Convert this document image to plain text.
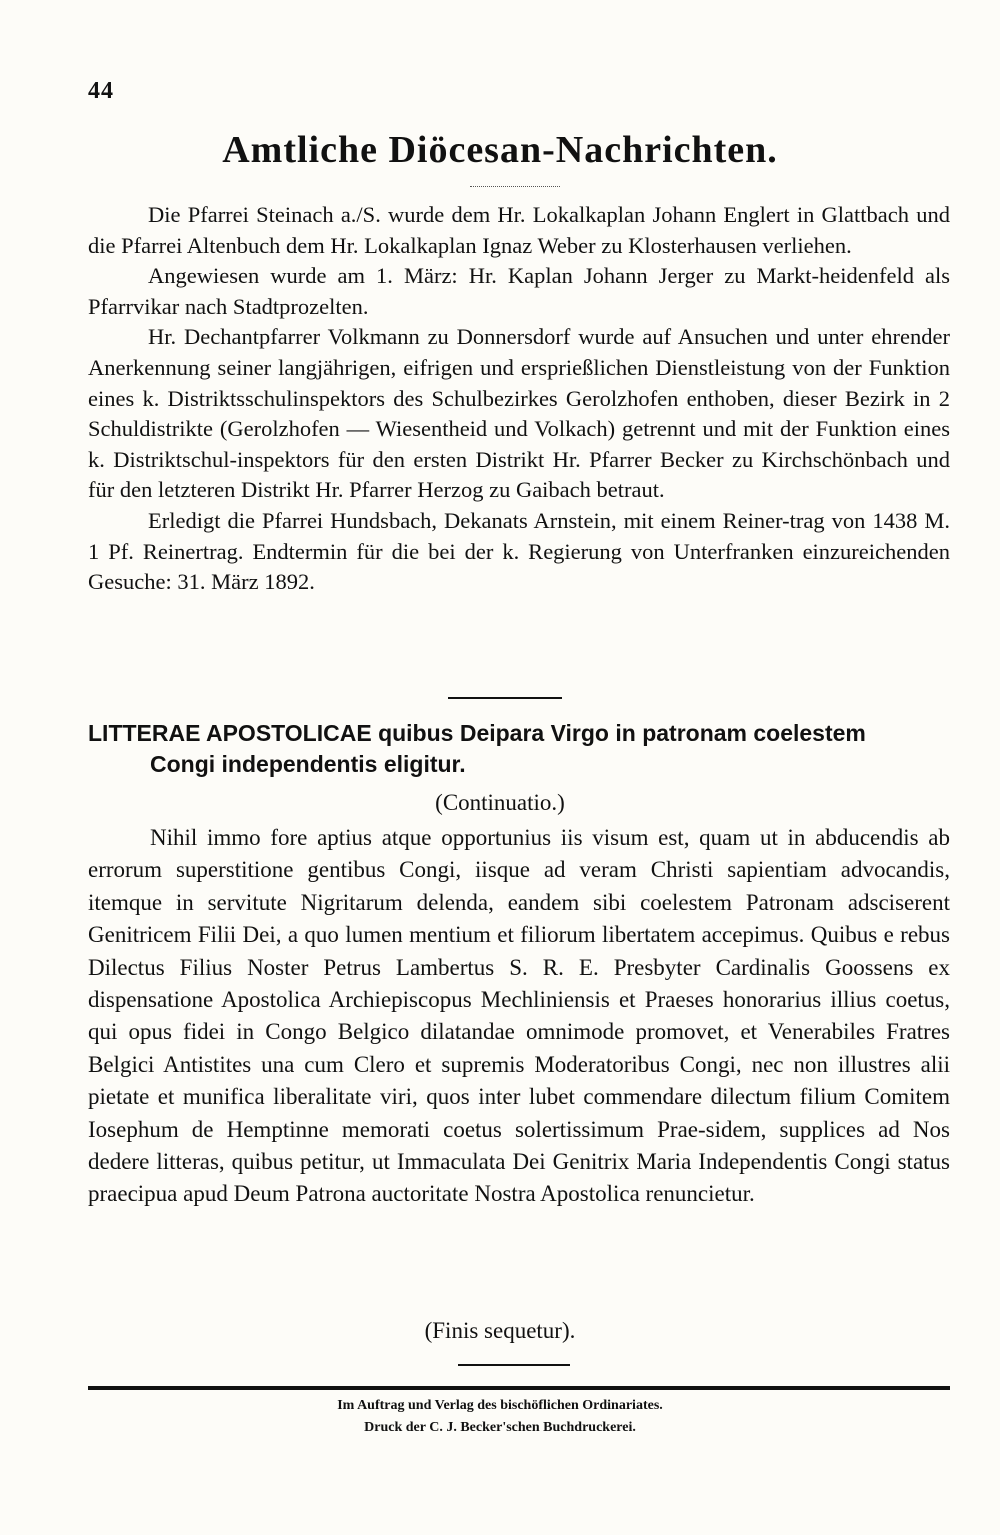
44
Amtliche Diöcesan-Nachrichten.

Die Pfarrei Steinach a./S. wurde dem Hr. Lokalkaplan Johann Englert in Glattbach und die Pfarrei Altenbuch dem Hr. Lokalkaplan Ignaz Weber zu Klosterhausen verliehen.

Angewiesen wurde am 1. März: Hr. Kaplan Johann Jerger zu Markt-heidenfeld als Pfarrvikar nach Stadtprozelten.

Hr. Dechantpfarrer Volkmann zu Donnersdorf wurde auf Ansuchen und unter ehrender Anerkennung seiner langjährigen, eifrigen und ersprießlichen Dienstleistung von der Funktion eines k. Distriktsschulinspektors des Schulbezirkes Gerolzhofen enthoben, dieser Bezirk in 2 Schuldistrikte (Gerolzhofen — Wiesentheid und Volkach) getrennt und mit der Funktion eines k. Distriktschul-inspektors für den ersten Distrikt Hr. Pfarrer Becker zu Kirchschönbach und für den letzteren Distrikt Hr. Pfarrer Herzog zu Gaibach betraut.

Erledigt die Pfarrei Hundsbach, Dekanats Arnstein, mit einem Reiner-trag von 1438 M. 1 Pf. Reinertrag. Endtermin für die bei der k. Regierung von Unterfranken einzureichenden Gesuche: 31. März 1892.

LITTERAE APOSTOLICAE quibus Deipara Virgo in patronam coelestem
Congi independentis eligitur.
(Continuatio.)

Nihil immo fore aptius atque opportunius iis visum est, quam ut in abducendis ab errorum superstitione gentibus Congi, iisque ad veram Christi sapientiam advocandis, itemque in servitute Nigritarum delenda, eandem sibi coelestem Patronam adsciserent Genitricem Filii Dei, a quo lumen mentium et filiorum libertatem accepimus. Quibus e rebus Dilectus Filius Noster Petrus Lambertus S. R. E. Presbyter Cardinalis Goossens ex dispensatione Apostolica Archiepiscopus Mechliniensis et Praeses honorarius illius coetus, qui opus fidei in Congo Belgico dilatandae omnimode promovet, et Venerabiles Fratres Belgici Antistites una cum Clero et supremis Moderatoribus Congi, nec non illustres alii pietate et munifica liberalitate viri, quos inter lubet commendare dilectum filium Comitem Iosephum de Hemptinne memorati coetus solertissimum Prae-sidem, supplices ad Nos dedere litteras, quibus petitur, ut Immaculata Dei Genitrix Maria Independentis Congi status praecipua apud Deum Patrona auctoritate Nostra Apostolica renuncietur.

(Finis sequetur).
Im Auftrag und Verlag des bischöflichen Ordinariates.
Druck der C. J. Becker'schen Buchdruckerei.
